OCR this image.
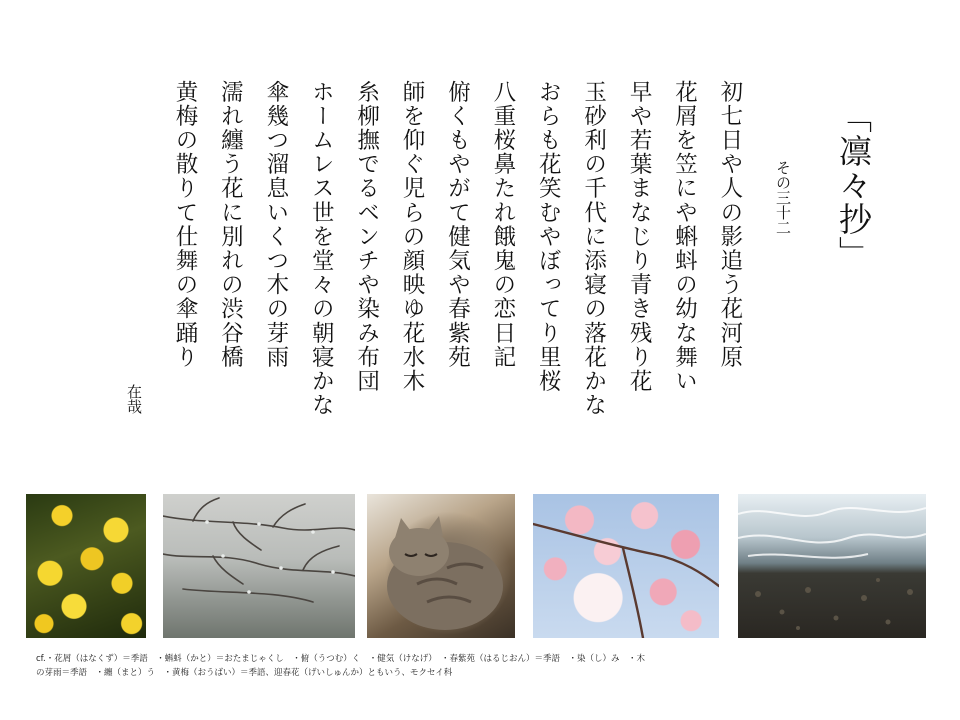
「凛々抄」
その三十二
初七日や人の影追う花河原
花屑を笠にや蝌蚪の幼な舞い
早や若葉まなじり青き残り花
玉砂利の千代に添寝の落花かな
おらも花笑むやぼってり里桜
八重桜鼻たれ餓鬼の恋日記
俯くもやがて健気や春紫苑
師を仰ぐ児らの顔映ゆ花水木
糸柳撫でるベンチや染み布団
ホームレス世を堂々の朝寝かな
傘幾つ溜息いくつ木の芽雨
濡れ纏う花に別れの渋谷橋
黄梅の散りて仕舞の傘踊り
在哉

cf.・花屑（はなくず）＝季語　・蝌蚪（かと）＝おたまじゃくし　・俯（うつむ）く　・健気（けなげ）　・春紫苑（はるじおん）＝季語　・染（し）み　・木

の芽雨＝季語　・纏（まと）う　・黄梅（おうばい）＝季語、迎春花（げいしゅんか）ともいう、モクセイ科
